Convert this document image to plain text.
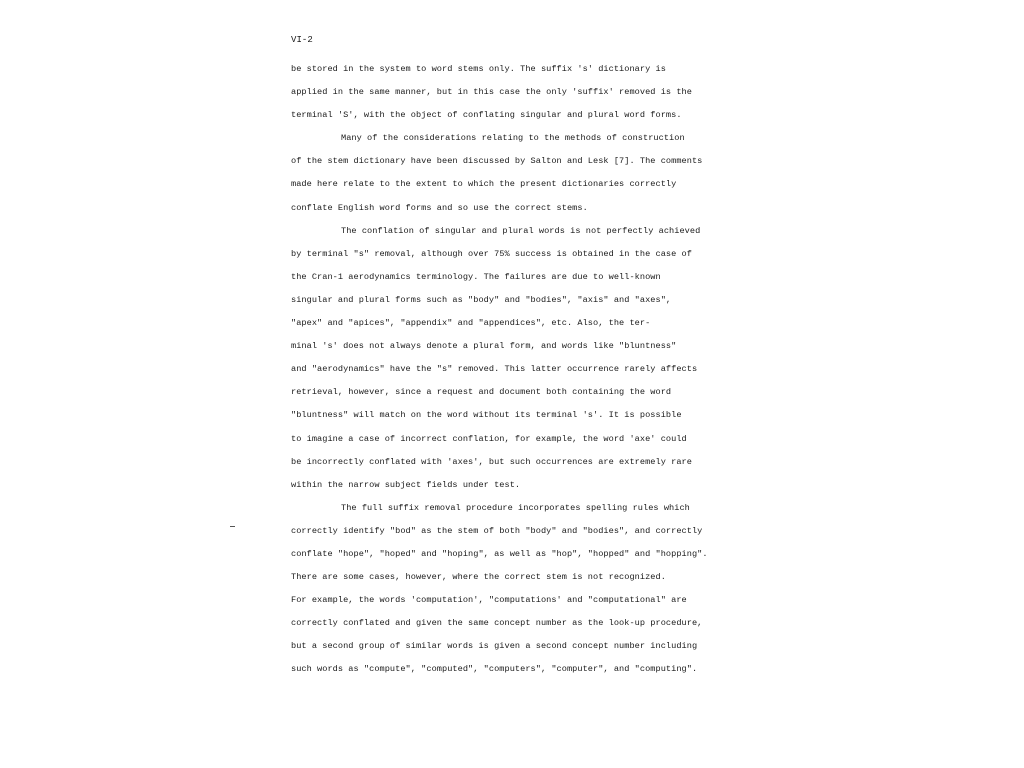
VI-2
be stored in the system to word stems only. The suffix 's' dictionary is
applied in the same manner, but in this case the only 'suffix' removed is the
terminal 'S', with the object of conflating singular and plural word forms.
Many of the considerations relating to the methods of construction
of the stem dictionary have been discussed by Salton and Lesk [7]. The comments
made here relate to the extent to which the present dictionaries correctly
conflate English word forms and so use the correct stems.
The conflation of singular and plural words is not perfectly achieved
by terminal "s" removal, although over 75% success is obtained in the case of
the Cran-1 aerodynamics terminology. The failures are due to well-known
singular and plural forms such as "body" and "bodies", "axis" and "axes",
"apex" and "apices", "appendix" and "appendices", etc. Also, the ter-
minal 's' does not always denote a plural form, and words like "bluntness"
and "aerodynamics" have the "s" removed. This latter occurrence rarely affects
retrieval, however, since a request and document both containing the word
"bluntness" will match on the word without its terminal 's'. It is possible
to imagine a case of incorrect conflation, for example, the word 'axe' could
be incorrectly conflated with 'axes', but such occurrences are extremely rare
within the narrow subject fields under test.
The full suffix removal procedure incorporates spelling rules which
correctly identify "bod" as the stem of both "body" and "bodies", and correctly
conflate "hope", "hoped" and "hoping", as well as "hop", "hopped" and "hopping".
There are some cases, however, where the correct stem is not recognized.
For example, the words 'computation', "computations' and "computational" are
correctly conflated and given the same concept number as the look-up procedure,
but a second group of similar words is given a second concept number including
such words as "compute", "computed", "computers", "computer", and "computing".
